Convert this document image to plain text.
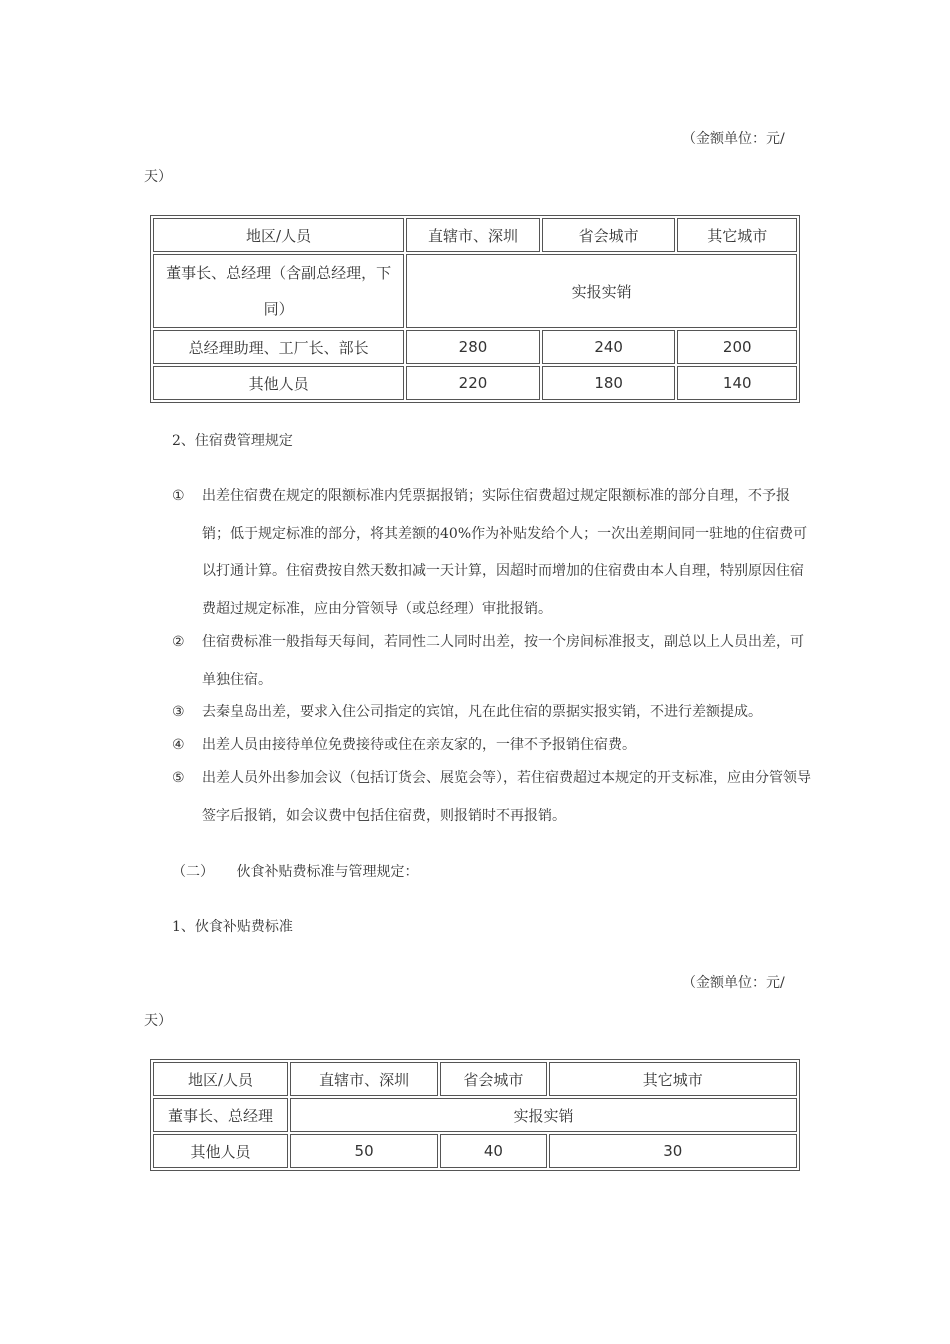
（金额单位：元/
天）
地区/人员	直辖市、深圳	省会城市	其它城市
董事长、总经理（含副总经理，下
同）	实报实销		
总经理助理、工厂长、部长	280	240	200
其他人员	220	180	140
2、住宿费管理规定
①	出差住宿费在规定的限额标准内凭票据报销；实际住宿费超过规定限额标准的部分自理，不予报销；低于规定标准的部分，将其差额的40%作为补贴发给个人；一次出差期间同一驻地的住宿费可以打通计算。住宿费按自然天数扣减一天计算，因超时而增加的住宿费由本人自理，特别原因住宿费超过规定标准，应由分管领导（或总经理）审批报销。
②	住宿费标准一般指每天每间，若同性二人同时出差，按一个房间标准报支，副总以上人员出差，可单独住宿。
③	去秦皇岛出差，要求入住公司指定的宾馆，凡在此住宿的票据实报实销，不进行差额提成。
④	出差人员由接待单位免费接待或住在亲友家的，一律不予报销住宿费。
⑤	出差人员外出参加会议（包括订货会、展览会等），若住宿费超过本规定的开支标准，应由分管领导签字后报销，如会议费中包括住宿费，则报销时不再报销。
（二） 伙食补贴费标准与管理规定：
1、伙食补贴费标准
（金额单位：元/
天）
地区/人员	直辖市、深圳	省会城市	其它城市
董事长、总经理	实报实销		
其他人员	50	40	30
